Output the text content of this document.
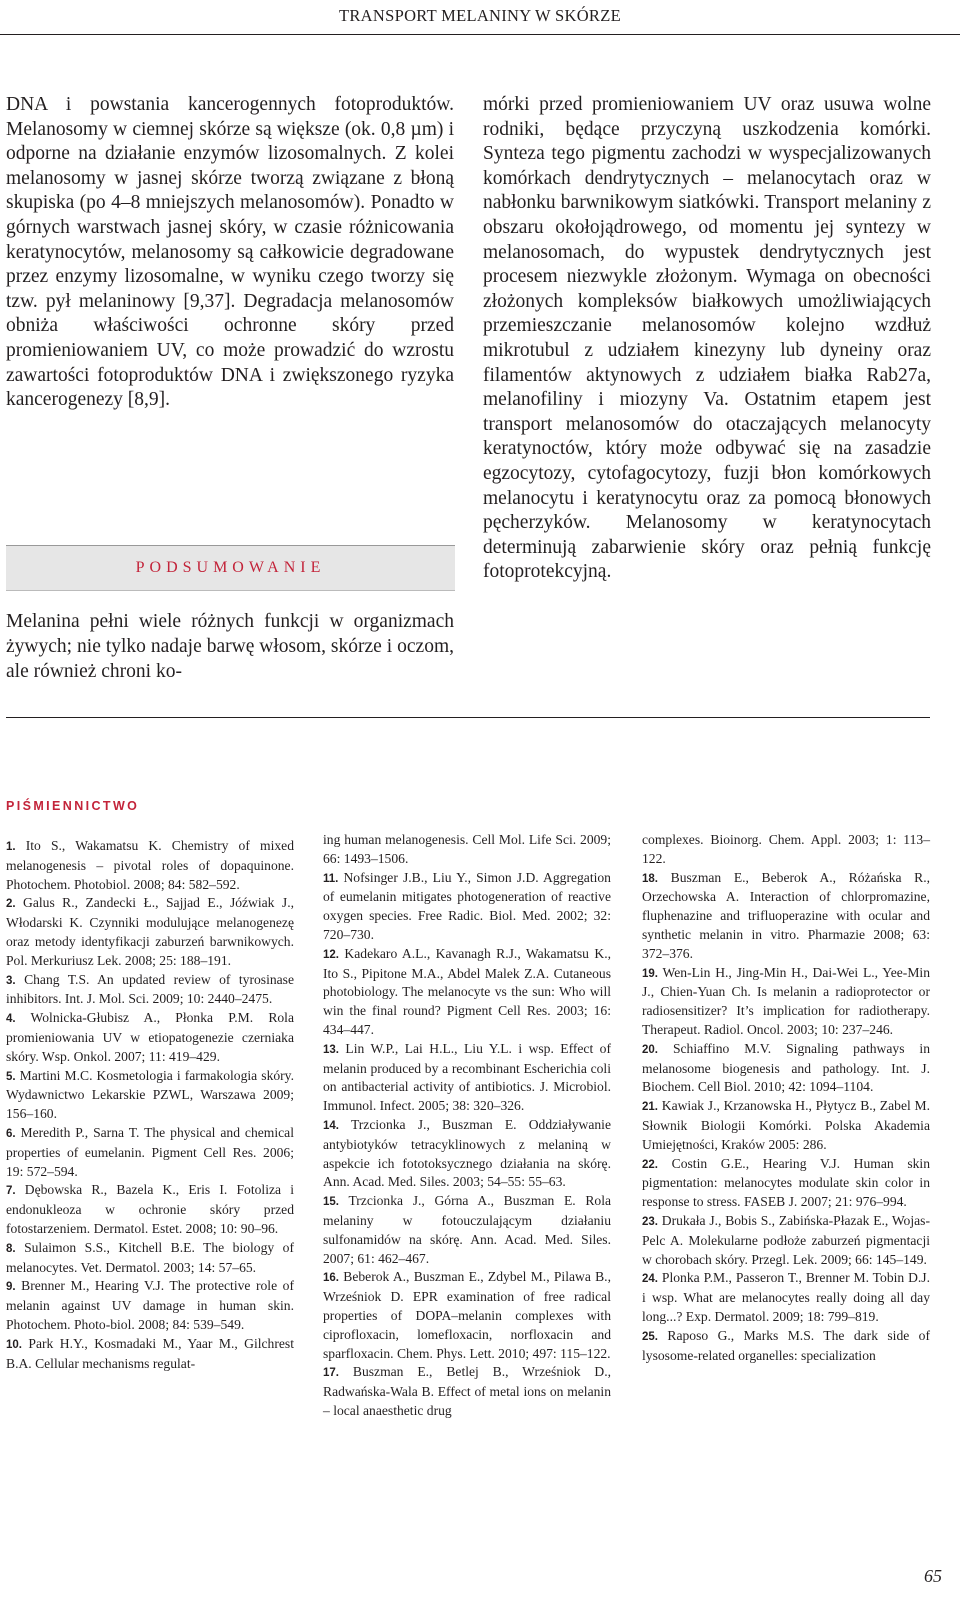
TRANSPORT MELANINY W SKÓRZE
DNA i powstania kancerogennych fotoproduktów. Melanosomy w ciemnej skórze są większe (ok. 0,8 µm) i odporne na działanie enzymów lizosomalnych. Z kolei melanosomy w jasnej skórze tworzą związane z błoną skupiska (po 4–8 mniejszych melanosomów). Ponadto w górnych warstwach jasnej skóry, w czasie różnicowania keratynocytów, melanosomy są całkowicie degradowane przez enzymy lizosomalne, w wyniku czego tworzy się tzw. pył melaninowy [9,37]. Degradacja melanosomów obniża właściwości ochronne skóry przed promieniowaniem UV, co może prowadzić do wzrostu zawartości fotoproduktów DNA i zwiększonego ryzyka kancerogenezy [8,9].
mórki przed promieniowaniem UV oraz usuwa wolne rodniki, będące przyczyną uszkodzenia komórki. Synteza tego pigmentu zachodzi w wyspecjalizowanych komórkach dendrytycznych – melanocytach oraz w nabłonku barwnikowym siatkówki. Transport melaniny z obszaru okołojądrowego, od momentu jej syntezy w melanosomach, do wypustek dendrytycznych jest procesem niezwykle złożonym. Wymaga on obecności złożonych kompleksów białkowych umożliwiających przemieszczanie melanosomów kolejno wzdłuż mikrotubul z udziałem kinezyny lub dyneiny oraz filamentów aktynowych z udziałem białka Rab27a, melanofiliny i miozyny Va. Ostatnim etapem jest transport melanosomów do otaczających melanocyty keratynoctów, który może odbywać się na zasadzie egzocytozy, cytofagocytozy, fuzji błon komórkowych melanocytu i keratynocytu oraz za pomocą błonowych pęcherzyków. Melanosomy w keratynocytach determinują zabarwienie skóry oraz pełnią funkcję fotoprotekcyjną.
PODSUMOWANIE
Melanina pełni wiele różnych funkcji w organizmach żywych; nie tylko nadaje barwę włosom, skórze i oczom, ale również chroni ko-
PIŚMIENNICTWO

1. Ito S., Wakamatsu K. Chemistry of mixed melanogenesis – pivotal roles of dopaquinone. Photochem. Photobiol. 2008; 84: 582–592.

2. Galus R., Zandecki Ł., Sajjad E., Jóźwiak J., Włodarski K. Czynniki modulujące melanogenezę oraz metody identyfikacji zaburzeń barwnikowych. Pol. Merkuriusz Lek. 2008; 25: 188–191.

3. Chang T.S. An updated review of tyrosinase inhibitors. Int. J. Mol. Sci. 2009; 10: 2440–2475.

4. Wolnicka-Głubisz A., Płonka P.M. Rola promieniowania UV w etiopatogenezie czerniaka skóry. Wsp. Onkol. 2007; 11: 419–429.

5. Martini M.C. Kosmetologia i farmakologia skóry. Wydawnictwo Lekarskie PZWL, Warszawa 2009; 156–160.

6. Meredith P., Sarna T. The physical and chemical properties of eumelanin. Pigment Cell Res. 2006; 19: 572–594.

7. Dębowska R., Bazela K., Eris I. Fotoliza i endonukleoza w ochronie skóry przed fotostarzeniem. Dermatol. Estet. 2008; 10: 90–96.

8. Sulaimon S.S., Kitchell B.E. The biology of melanocytes. Vet. Dermatol. 2003; 14: 57–65.

9. Brenner M., Hearing V.J. The protective role of melanin against UV damage in human skin. Photochem. Photo-biol. 2008; 84: 539–549.

10. Park H.Y., Kosmadaki M., Yaar M., Gilchrest B.A. Cellular mechanisms regulat-

ing human melanogenesis. Cell Mol. Life Sci. 2009; 66: 1493–1506.

11. Nofsinger J.B., Liu Y., Simon J.D. Aggregation of eumelanin mitigates photogeneration of reactive oxygen species. Free Radic. Biol. Med. 2002; 32: 720–730.

12. Kadekaro A.L., Kavanagh R.J., Wakamatsu K., Ito S., Pipitone M.A., Abdel Malek Z.A. Cutaneous photobiology. The melanocyte vs the sun: Who will win the final round? Pigment Cell Res. 2003; 16: 434–447.

13. Lin W.P., Lai H.L., Liu Y.L. i wsp. Effect of melanin produced by a recombinant Escherichia coli on antibacterial activity of antibiotics. J. Microbiol. Immunol. Infect. 2005; 38: 320–326.

14. Trzcionka J., Buszman E. Oddziaływanie antybiotyków tetracyklinowych z melaniną w aspekcie ich fototoksycznego działania na skórę. Ann. Acad. Med. Siles. 2003; 54–55: 55–63.

15. Trzcionka J., Górna A., Buszman E. Rola melaniny w fotouczulającym działaniu sulfonamidów na skórę. Ann. Acad. Med. Siles. 2007; 61: 462–467.

16. Beberok A., Buszman E., Zdybel M., Pilawa B., Wrześniok D. EPR examination of free radical properties of DOPA–melanin complexes with ciprofloxacin, lomefloxacin, norfloxacin and sparfloxacin. Chem. Phys. Lett. 2010; 497: 115–122.

17. Buszman E., Betlej B., Wrześniok D., Radwańska-Wala B. Effect of metal ions on melanin – local anaesthetic drug

complexes. Bioinorg. Chem. Appl. 2003; 1: 113–122.

18. Buszman E., Beberok A., Różańska R., Orzechowska A. Interaction of chlorpromazine, fluphenazine and trifluoperazine with ocular and synthetic melanin in vitro. Pharmazie 2008; 63: 372–376.

19. Wen-Lin H., Jing-Min H., Dai-Wei L., Yee-Min J., Chien-Yuan Ch. Is melanin a radioprotector or radiosensitizer? It’s implication for radiotherapy. Therapeut. Radiol. Oncol. 2003; 10: 237–246.

20. Schiaffino M.V. Signaling pathways in melanosome biogenesis and pathology. Int. J. Biochem. Cell Biol. 2010; 42: 1094–1104.

21. Kawiak J., Krzanowska H., Płytycz B., Zabel M. Słownik Biologii Komórki. Polska Akademia Umiejętności, Kraków 2005: 286.

22. Costin G.E., Hearing V.J. Human skin pigmentation: melanocytes modulate skin color in response to stress. FASEB J. 2007; 21: 976–994.

23. Drukała J., Bobis S., Zabińska-Płazak E., Wojas-Pelc A. Molekularne podłoże zaburzeń pigmentacji w chorobach skóry. Przegl. Lek. 2009; 66: 145–149.

24. Plonka P.M., Passeron T., Brenner M. Tobin D.J. i wsp. What are melanocytes really doing all day long...? Exp. Dermatol. 2009; 18: 799–819.

25. Raposo G., Marks M.S. The dark side of lysosome-related organelles: specialization

65
